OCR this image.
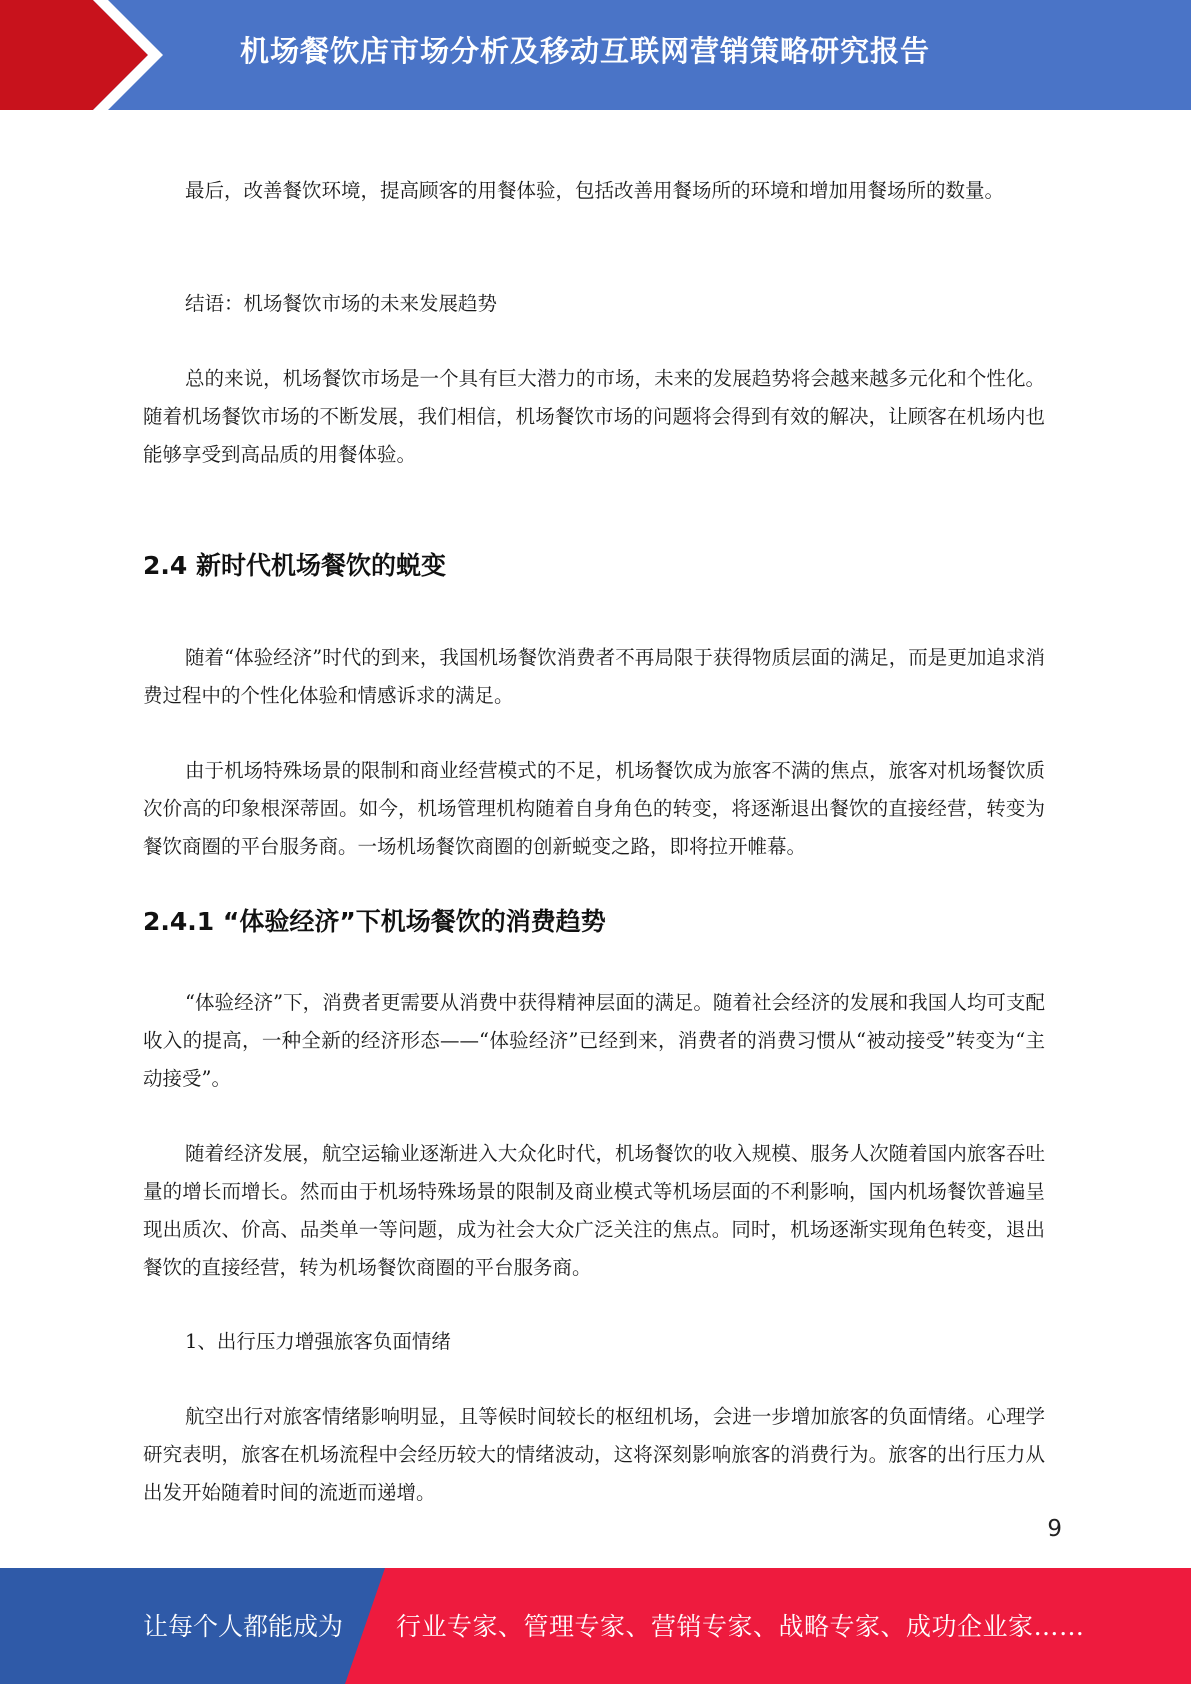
机场餐饮店市场分析及移动互联网营销策略研究报告

最后，改善餐饮环境，提高顾客的用餐体验，包括改善用餐场所的环境和增加用餐场所的数量。

结语：机场餐饮市场的未来发展趋势

总的来说，机场餐饮市场是一个具有巨大潜力的市场，未来的发展趋势将会越来越多元化和个性化。随着机场餐饮市场的不断发展，我们相信，机场餐饮市场的问题将会得到有效的解决，让顾客在机场内也能够享受到高品质的用餐体验。

2.4 新时代机场餐饮的蜕变

随着“体验经济”时代的到来，我国机场餐饮消费者不再局限于获得物质层面的满足，而是更加追求消费过程中的个性化体验和情感诉求的满足。

由于机场特殊场景的限制和商业经营模式的不足，机场餐饮成为旅客不满的焦点，旅客对机场餐饮质次价高的印象根深蒂固。如今，机场管理机构随着自身角色的转变，将逐渐退出餐饮的直接经营，转变为餐饮商圈的平台服务商。一场机场餐饮商圈的创新蜕变之路，即将拉开帷幕。

2.4.1 “体验经济”下机场餐饮的消费趋势

“体验经济”下，消费者更需要从消费中获得精神层面的满足。随着社会经济的发展和我国人均可支配收入的提高，一种全新的经济形态——“体验经济”已经到来，消费者的消费习惯从“被动接受”转变为“主动接受”。

随着经济发展，航空运输业逐渐进入大众化时代，机场餐饮的收入规模、服务人次随着国内旅客吞吐量的增长而增长。然而由于机场特殊场景的限制及商业模式等机场层面的不利影响，国内机场餐饮普遍呈现出质次、价高、品类单一等问题，成为社会大众广泛关注的焦点。同时，机场逐渐实现角色转变，退出餐饮的直接经营，转为机场餐饮商圈的平台服务商。

1、出行压力增强旅客负面情绪

航空出行对旅客情绪影响明显，且等候时间较长的枢纽机场，会进一步增加旅客的负面情绪。心理学研究表明，旅客在机场流程中会经历较大的情绪波动，这将深刻影响旅客的消费行为。旅客的出行压力从出发开始随着时间的流逝而递增。

9
让每个人都能成为 行业专家、管理专家、营销专家、战略专家、成功企业家……
